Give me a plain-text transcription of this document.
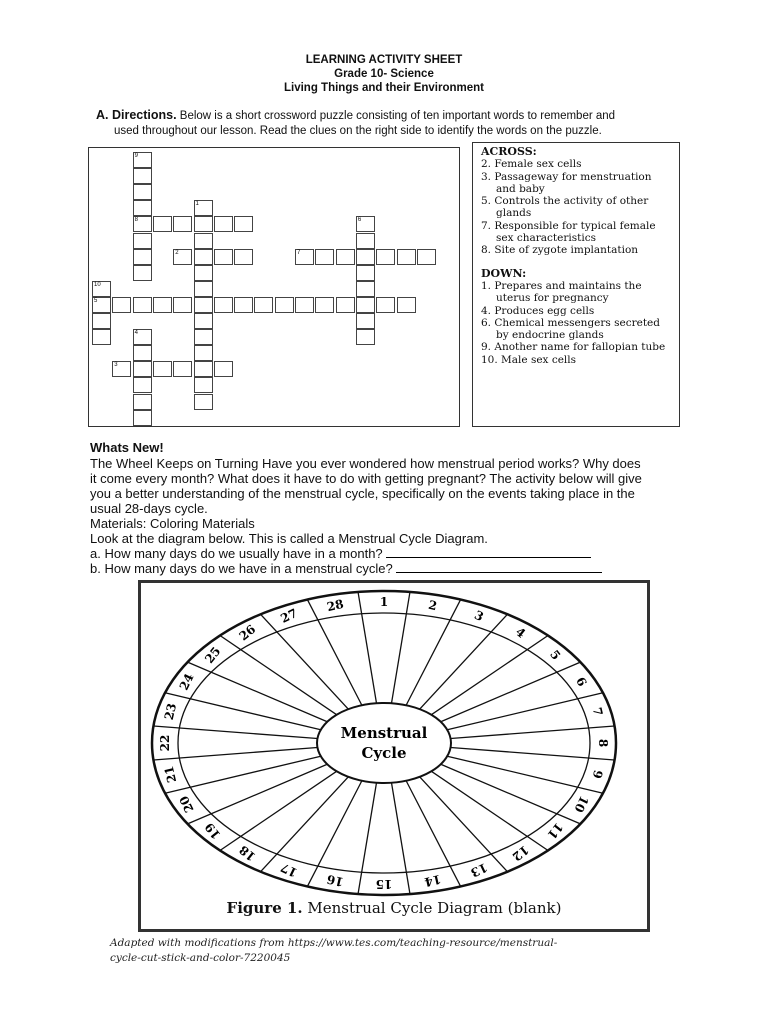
LEARNING ACTIVITY SHEET
Grade 10- Science
Living Things and their Environment
A. Directions. Below is a short crossword puzzle consisting of ten important words to remember and
used throughout our lesson. Read the clues on the right side to identify the words on the puzzle.
9
1
8	6
2	7
10
5
4
3
ACROSS:
2. Female sex cells
3. Passageway for menstruation and baby
5. Controls the activity of other glands
7. Responsible for typical female sex characteristics
8. Site of zygote implantation
DOWN:
1. Prepares and maintains the uterus for pregnancy
4. Produces egg cells
6. Chemical messengers secreted by endocrine glands
9. Another name for fallopian tube
10. Male sex cells
Whats New!
The Wheel Keeps on Turning Have you ever wondered how menstrual period works? Why does
it come every month? What does it have to do with getting pregnant? The activity below will give
you a better understanding of the menstrual cycle, specifically on the events taking place in the
usual 28-days cycle.
Materials: Coloring Materials
Look at the diagram below. This is called a Menstrual Cycle Diagram.
a. How many days do we usually have in a month?
b. How many days do we have in a menstrual cycle?
1	2
3
4
5
6
7
8
9
10
11
12
13
14
15
16
17
18
19
20
21
22
23
24
25
26
27
28
Menstrual
Cycle
Figure 1. Menstrual Cycle Diagram (blank)
Adapted with modifications from https://www.tes.com/teaching-resource/menstrual-
cycle-cut-stick-and-color-7220045
